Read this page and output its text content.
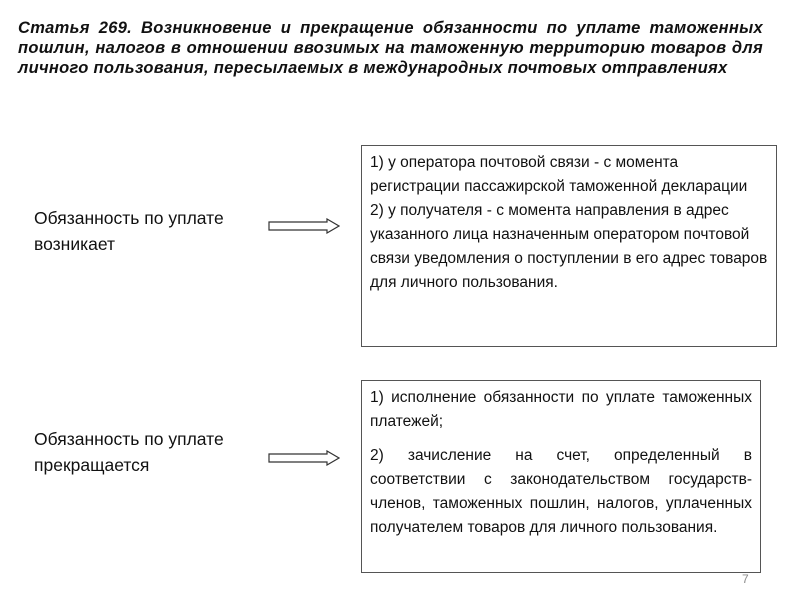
Статья 269. Возникновение и прекращение обязанности по уплате таможенных пошлин, налогов в отношении ввозимых на таможенную территорию товаров для личного пользования, пересылаемых в международных почтовых отправлениях

Обязанность по уплате возникает

1) у оператора почтовой связи - с момента регистрации пассажирской таможенной декларации

2) у получателя - с момента направления в адрес указанного лица назначенным оператором почтовой связи уведомления о поступлении в его адрес товаров для личного пользования.

Обязанность по уплате прекращается

1) исполнение обязанности по уплате таможенных платежей;

2) зачисление на счет, определенный в соответствии с законодательством государств-членов, таможенных пошлин, налогов, уплаченных получателем товаров для личного пользования.

7
